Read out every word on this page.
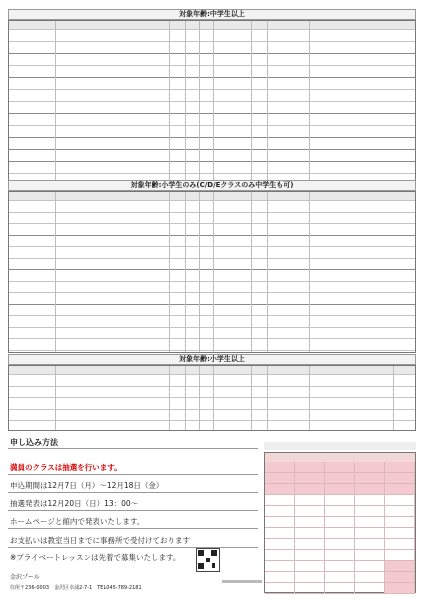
対象年齢:中学生以上
対象年齢:小学生のみ(C/D/Eクラスのみ中学生も可)
対象年齢:小学生以上
申し込み方法
満員のクラスは抽選を行います。
申込期間は12月7日（月）～12月18日（金）
抽選発表は12月20日（日）13：00～
ホームページと館内で発表いたします。
お支払いは教室当日までに事務所で受付けております
※プライベートレッスンは先着で募集いたします。
金沢プール
住所〒236-0003　金沢区幸浦2-7-1　TEL045-789-2181
